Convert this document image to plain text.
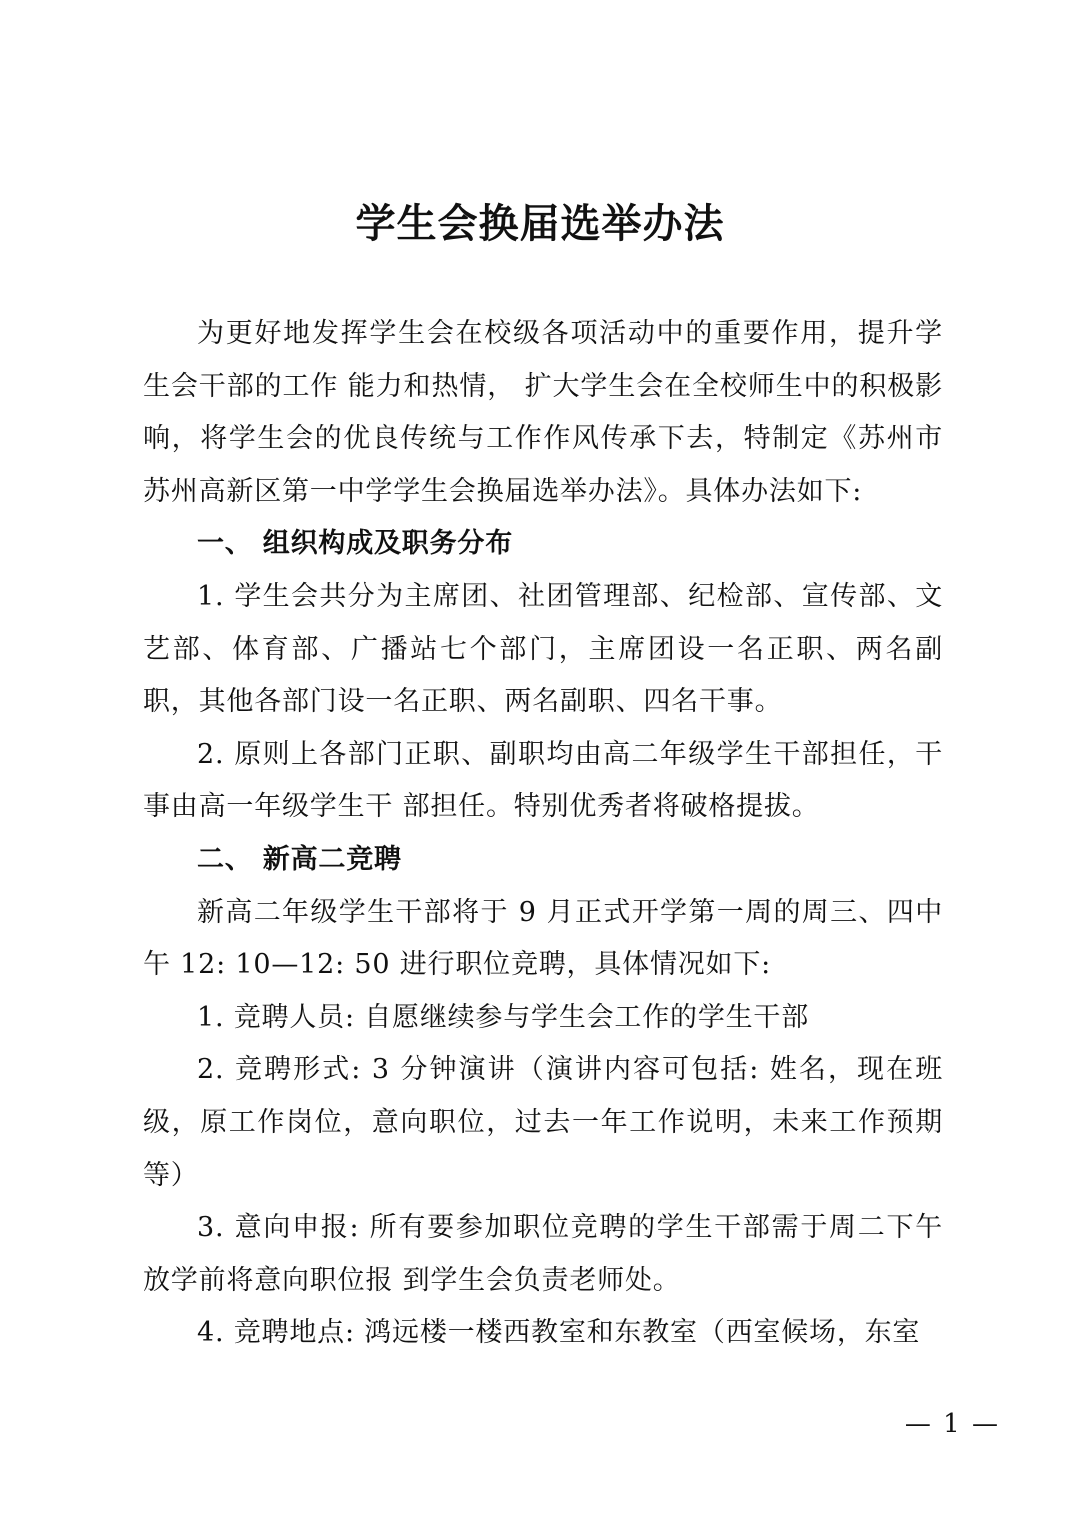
学生会换届选举办法

为更好地发挥学生会在校级各项活动中的重要作用，提升学生会干部的工作 能力和热情， 扩大学生会在全校师生中的积极影响，将学生会的优良传统与工作作风传承下去，特制定《苏州市苏州高新区第一中学学生会换届选举办法》。具体办法如下:

一、 组织构成及职务分布

1. 学生会共分为主席团、社团管理部、纪检部、宣传部、文艺部、体育部、广播站七个部门，主席团设一名正职、两名副职，其他各部门设一名正职、两名副职、四名干事。

2. 原则上各部门正职、副职均由高二年级学生干部担任，干事由高一年级学生干 部担任。特别优秀者将破格提拔。

二、 新高二竞聘

新高二年级学生干部将于 9 月正式开学第一周的周三、四中午 12: 10—12: 50 进行职位竞聘，具体情况如下:

1. 竞聘人员: 自愿继续参与学生会工作的学生干部

2. 竞聘形式: 3 分钟演讲（演讲内容可包括: 姓名，现在班级，原工作岗位，意向职位，过去一年工作说明，未来工作预期等）

3. 意向申报: 所有要参加职位竞聘的学生干部需于周二下午放学前将意向职位报 到学生会负责老师处。

4. 竞聘地点: 鸿远楼一楼西教室和东教室（西室候场，东室

— 1 —
